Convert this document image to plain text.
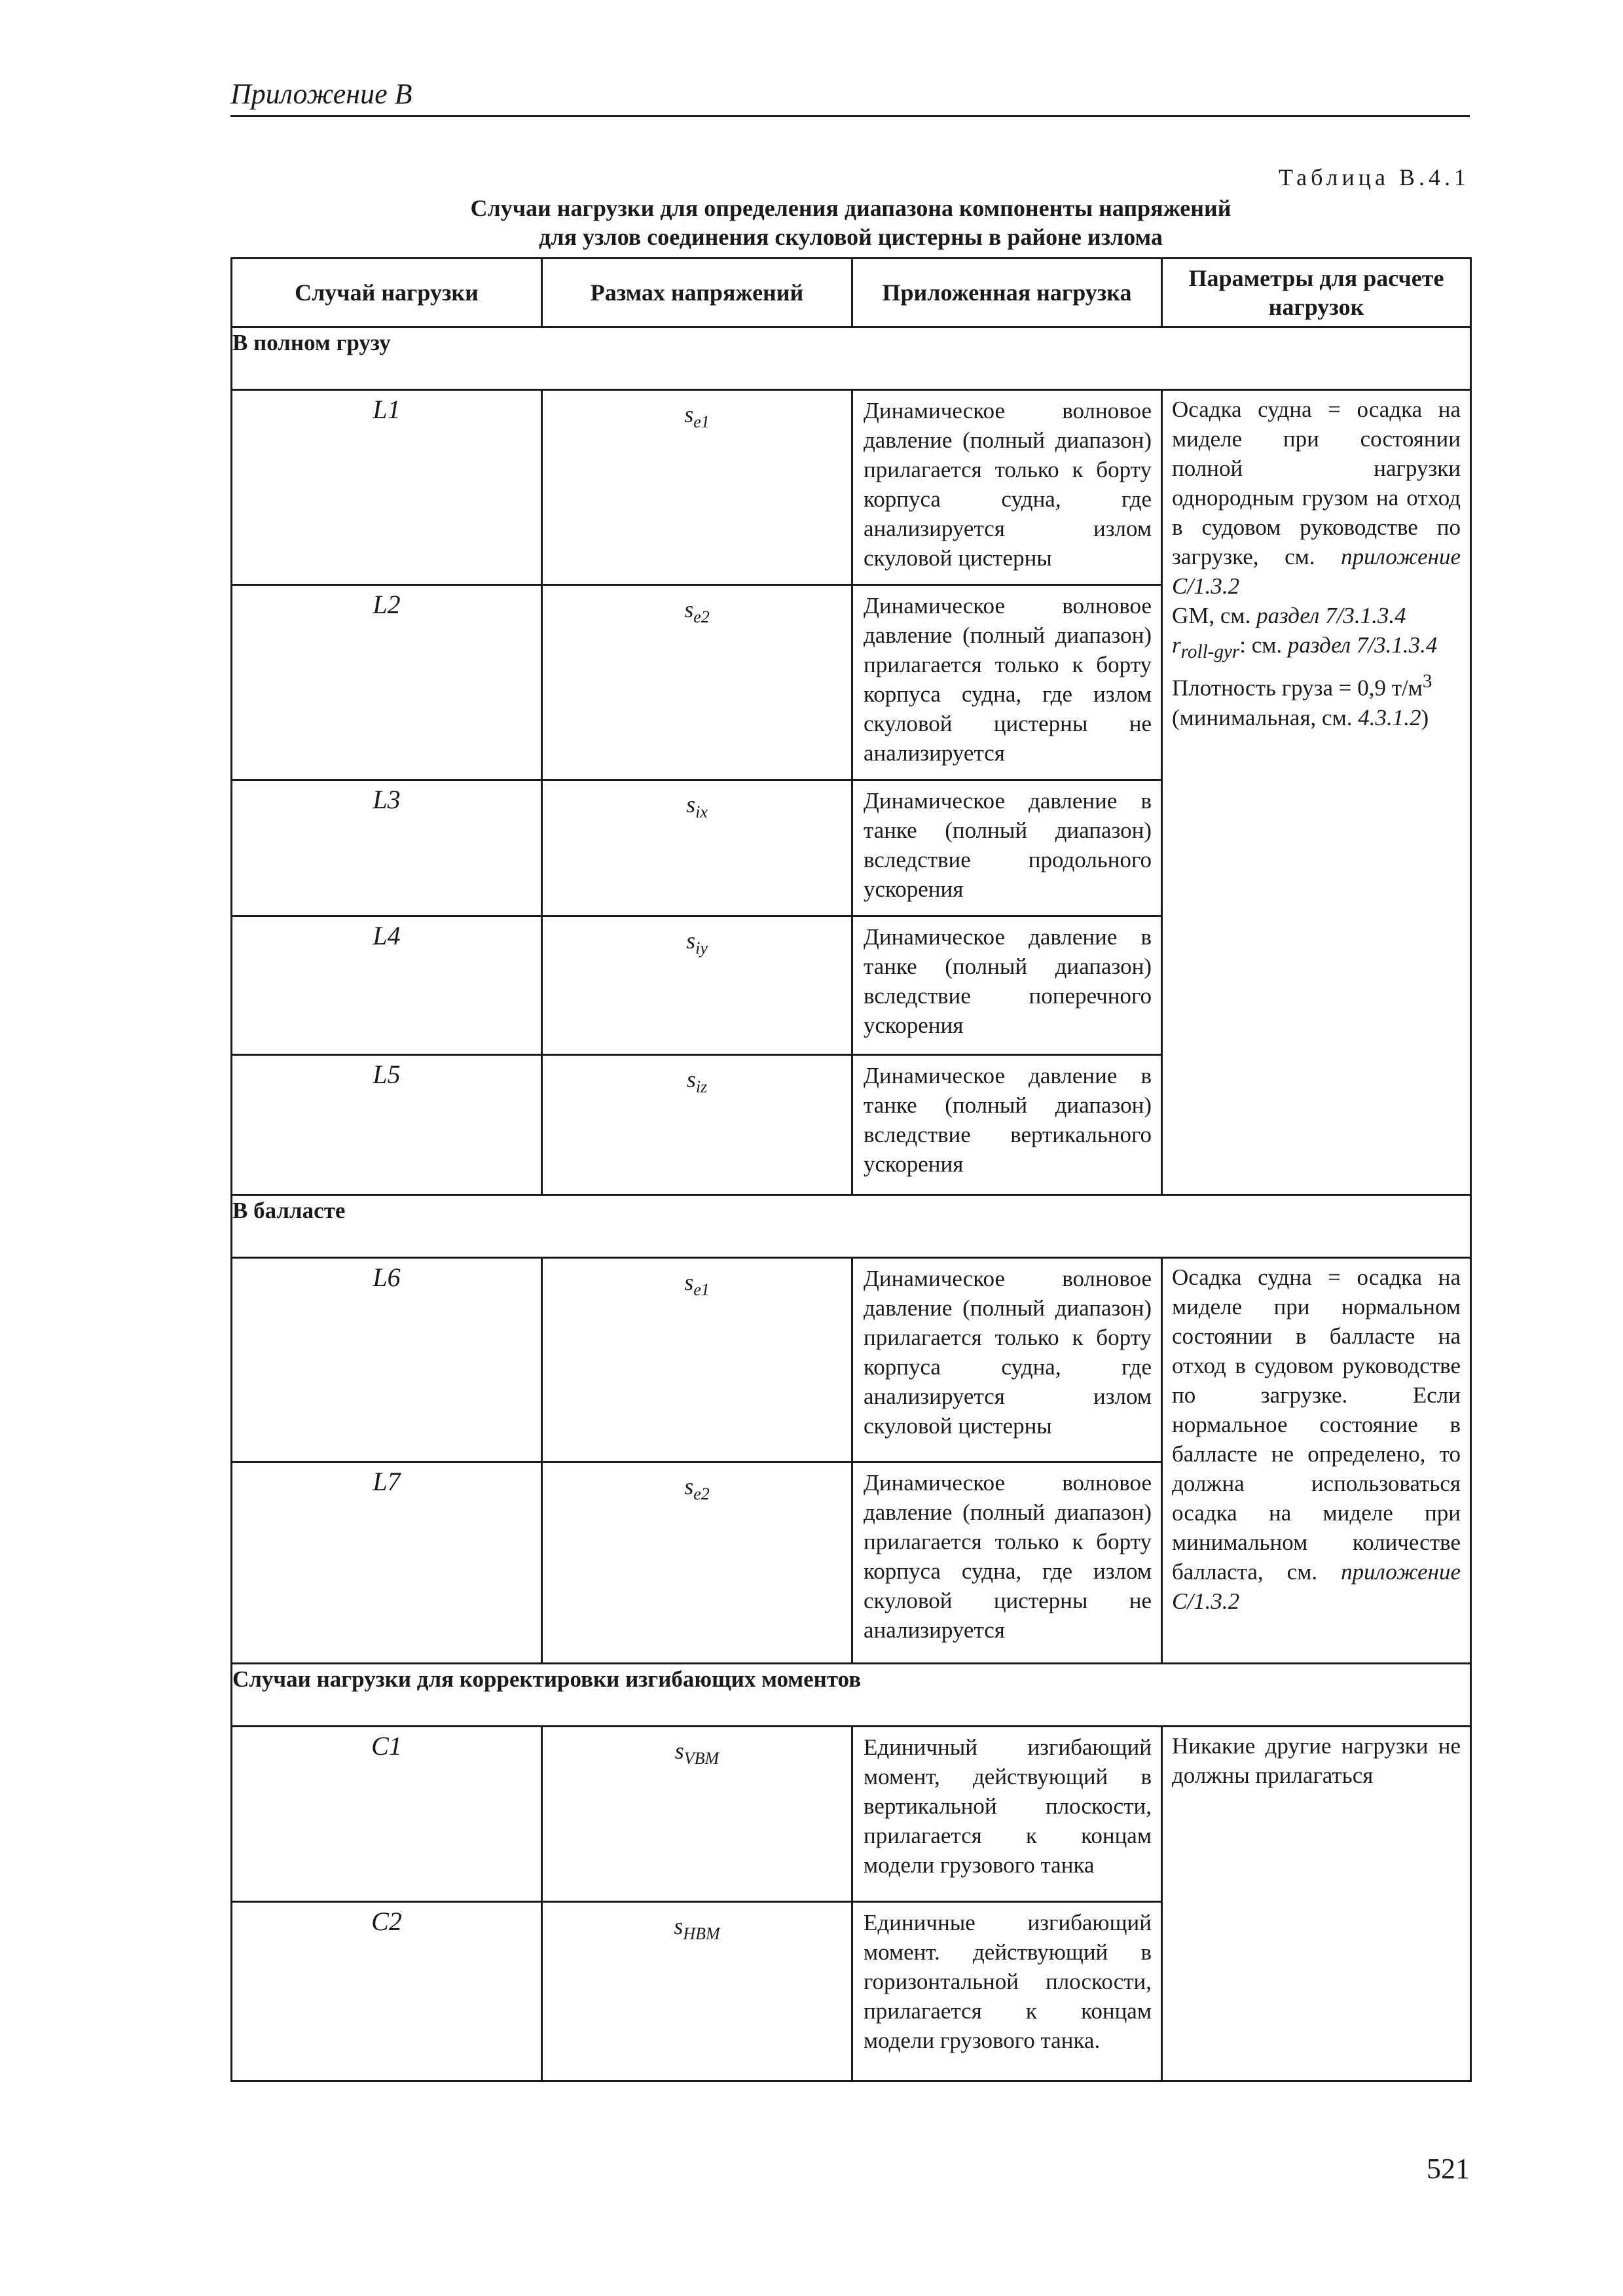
Приложение B
Таблица B.4.1
Случаи нагрузки для определения диапазона компоненты напряжений
для узлов соединения скуловой цистерны в районе излома
Случай нагрузки	Размах напряжений	Приложенная нагрузка	Параметры для расчете нагрузок
В полном грузу			
L1	$s_{e1}$	Динамическое волновое давление (полный диапазон) прилагается только к борту корпуса судна, где анализируется излом скуловой цистерны	Осадка судна = осадка на миделе при состоянии полной нагрузки однородным грузом на отход в судовом руководстве по загрузке, см. приложение C/1.3.2
GM, см. раздел 7/3.1.3.4
$r_{roll-gyr}$: см. раздел 7/3.1.3.4
Плотность груза = 0,9 $т/м^3$
(минимальная, см. 4.3.1.2)

L2	$s_{e2}$	Динамическое волновое давление (полный диапазон) прилагается только к борту корпуса судна, где излом скуловой цистерны не анализируется	
L3	$s_{ix}$	Динамическое давление в танке (полный диапазон) вследствие продольного ускорения	
L4	$s_{iy}$	Динамическое давление в танке (полный диапазон) вследствие поперечного ускорения	
L5	$s_{iz}$	Динамическое давление в танке (полный диапазон) вследствие вертикального ускорения	
В балласте			
L6	$s_{e1}$	Динамическое волновое давление (полный диапазон) прилагается только к борту корпуса судна, где анализируется излом скуловой цистерны	Осадка судна = осадка на миделе при нормальном состоянии в балласте на отход в судовом руководстве по загрузке. Если нормальное состояние в балласте не определено, то должна использоваться осадка на миделе при минимальном количестве балласта, см. приложение C/1.3.2
L7	$s_{e2}$	Динамическое волновое давление (полный диапазон) прилагается только к борту корпуса судна, где излом скуловой цистерны не анализируется	
Случаи нагрузки для корректировки изгибающих моментов			
C1	$s_{VBM}$	Единичный изгибающий момент, действующий в вертикальной плоскости, прилагается к концам модели грузового танка	Никакие другие нагрузки не должны прилагаться
C2	$s_{HBM}$	Единичные изгибающий момент. действующий в горизонтальной плоскости, прилагается к концам модели грузового танка.	
521
